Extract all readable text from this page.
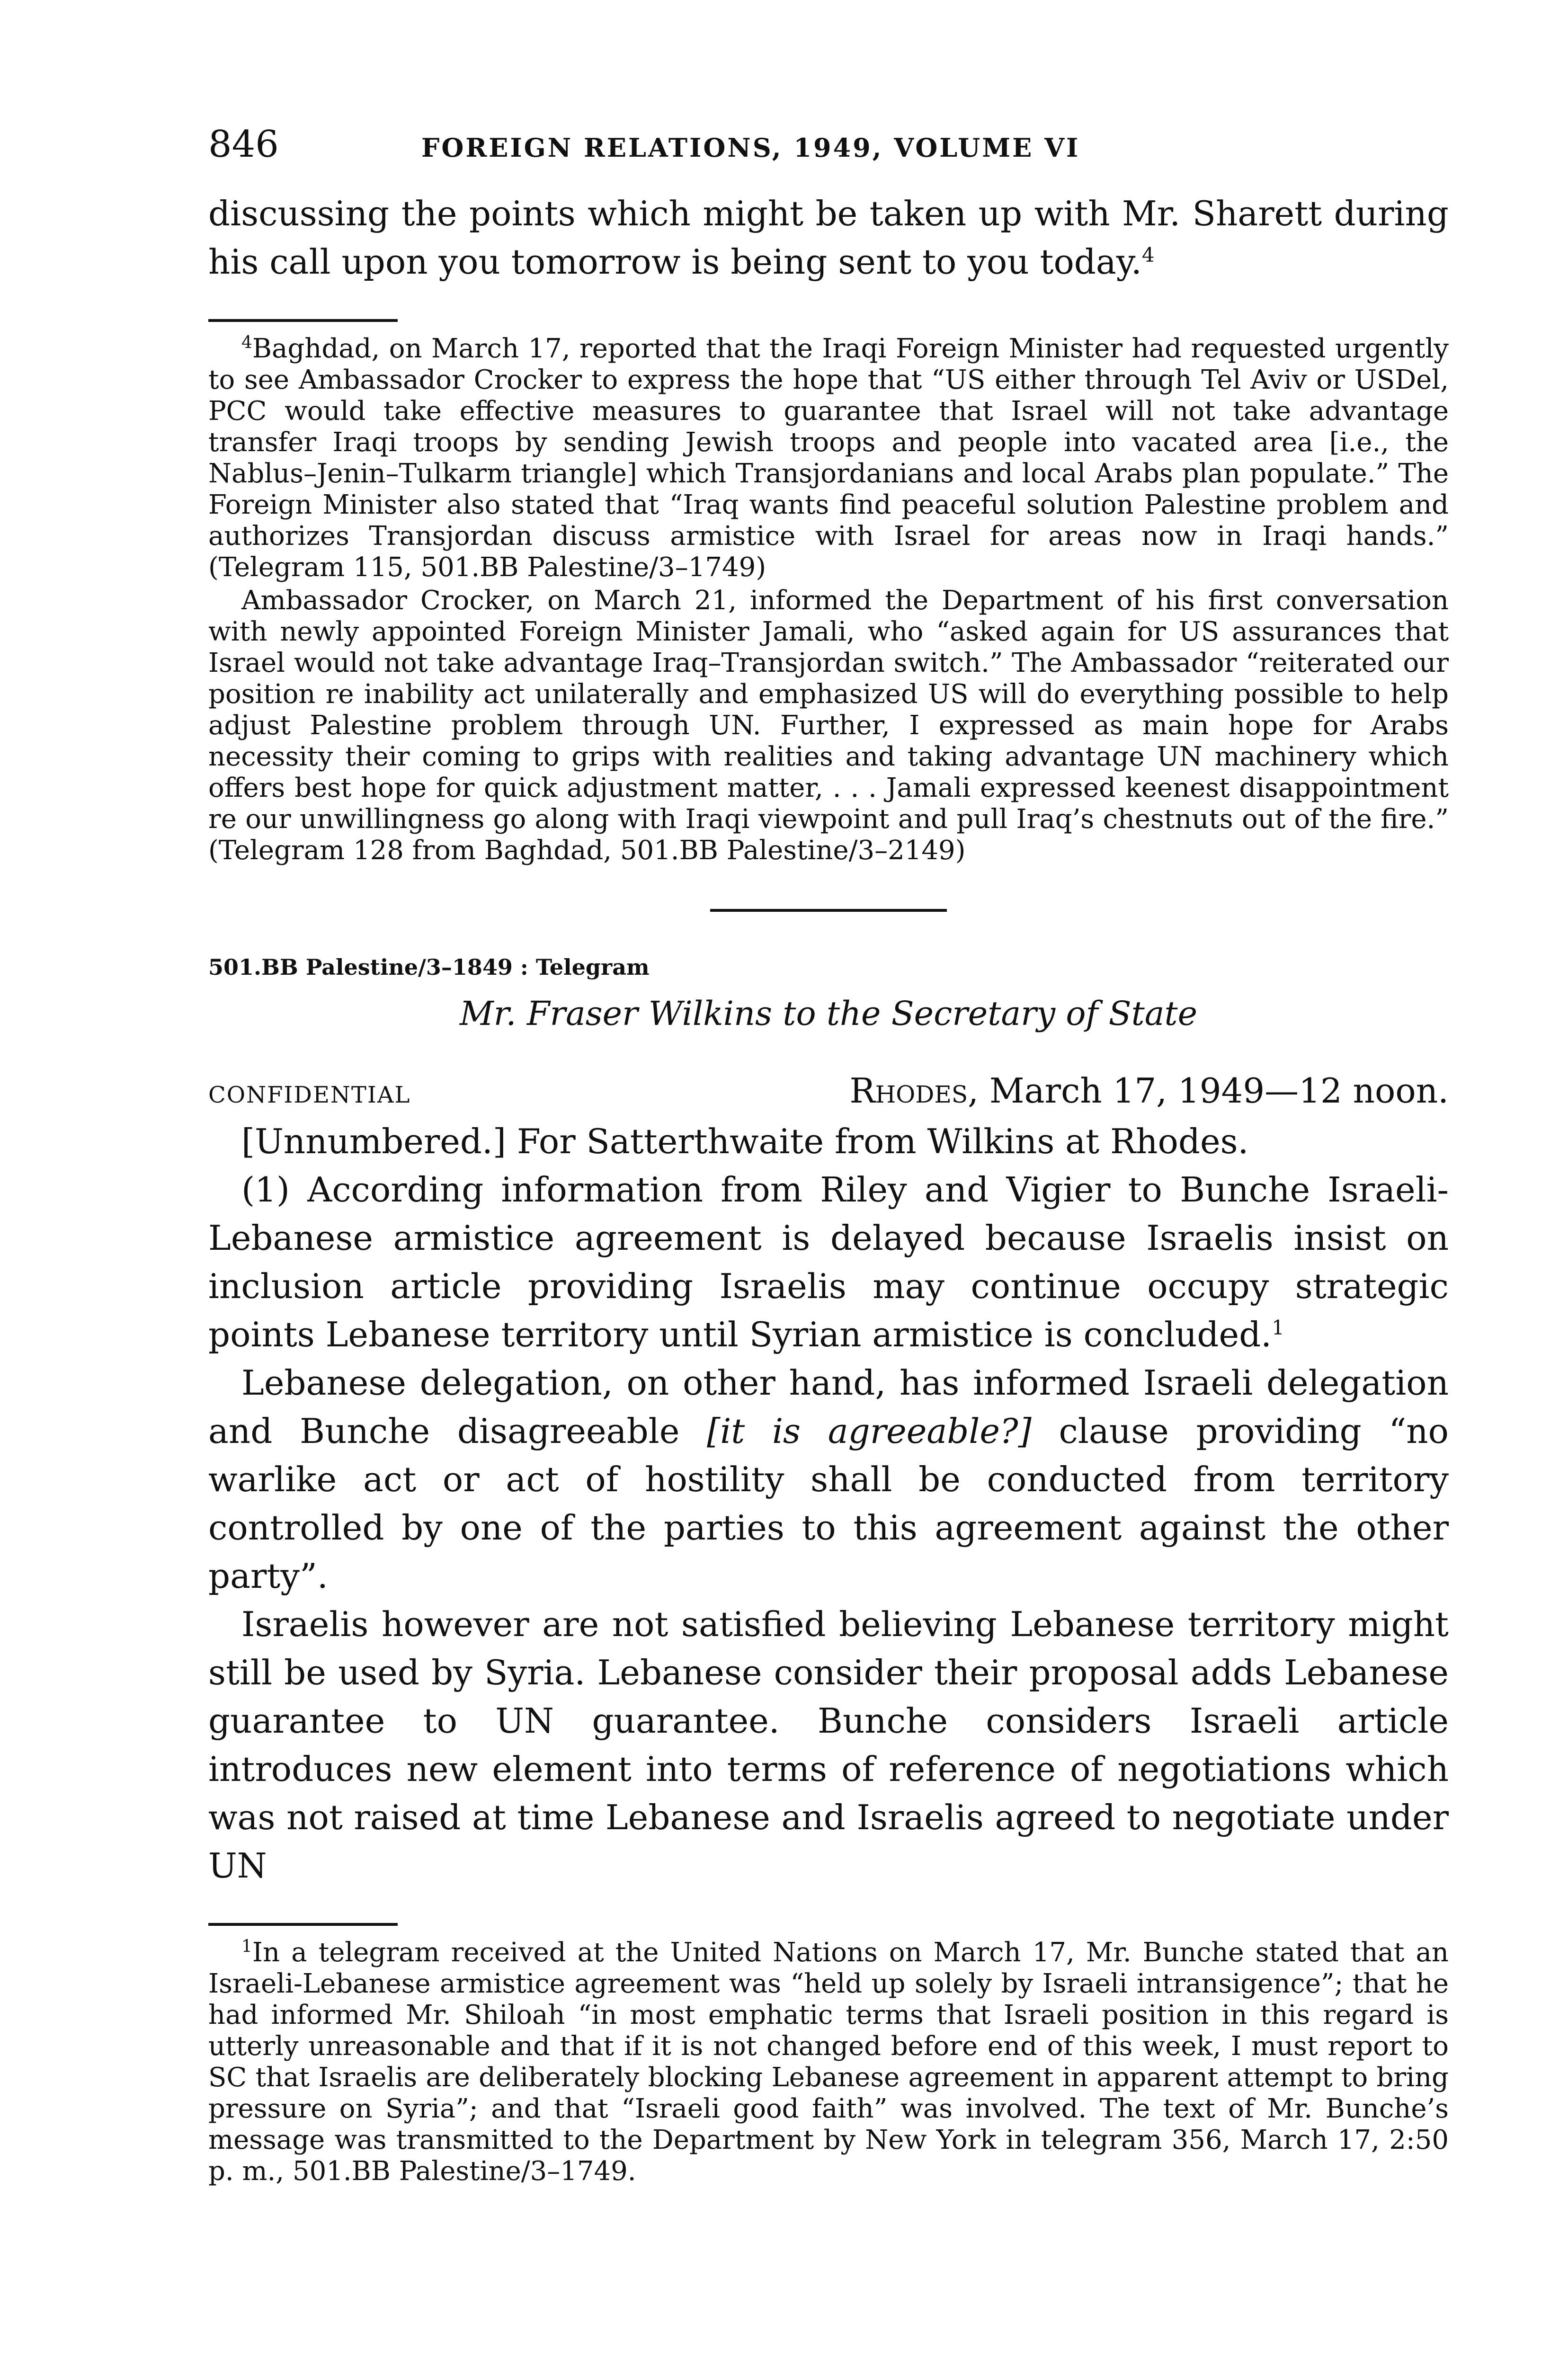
846	FOREIGN RELATIONS, 1949, VOLUME VI

discussing the points which might be taken up with Mr. Sharett during his call upon you tomorrow is being sent to you today.$^4$

$^4$Baghdad, on March 17, reported that the Iraqi Foreign Minister had requested urgently to see Ambassador Crocker to express the hope that “US either through Tel Aviv or USDel, PCC would take effective measures to guarantee that Israel will not take advantage transfer Iraqi troops by sending Jewish troops and people into vacated area [i.e., the Nablus–Jenin–Tulkarm triangle] which Transjordanians and local Arabs plan populate.” The Foreign Minister also stated that “Iraq wants find peaceful solution Palestine problem and authorizes Transjordan discuss armistice with Israel for areas now in Iraqi hands.” (Telegram 115, 501.BB Palestine/3–1749)

Ambassador Crocker, on March 21, informed the Department of his first conversation with newly appointed Foreign Minister Jamali, who “asked again for US assurances that Israel would not take advantage Iraq–Transjordan switch.” The Ambassador “reiterated our position re inability act unilaterally and emphasized US will do everything possible to help adjust Palestine problem through UN. Further, I expressed as main hope for Arabs necessity their coming to grips with realities and taking advantage UN machinery which offers best hope for quick adjustment matter, . . . Jamali expressed keenest disappointment re our unwillingness go along with Iraqi viewpoint and pull Iraq’s chestnuts out of the fire.” (Telegram 128 from Baghdad, 501.BB Palestine/3–2149)

501.BB Palestine/3–1849 : Telegram

Mr. Fraser Wilkins to the Secretary of State

CONFIDENTIAL	Rhodes, March 17, 1949—12 noon.

[Unnumbered.] For Satterthwaite from Wilkins at Rhodes.

(1) According information from Riley and Vigier to Bunche Israeli-Lebanese armistice agreement is delayed because Israelis insist on inclusion article providing Israelis may continue occupy strategic points Lebanese territory until Syrian armistice is concluded.$^1$

Lebanese delegation, on other hand, has informed Israeli delegation and Bunche disagreeable [it is agreeable?] clause providing “no warlike act or act of hostility shall be conducted from territory controlled by one of the parties to this agreement against the other party”.

Israelis however are not satisfied believing Lebanese territory might still be used by Syria. Lebanese consider their proposal adds Lebanese guarantee to UN guarantee. Bunche considers Israeli article introduces new element into terms of reference of negotiations which was not raised at time Lebanese and Israelis agreed to negotiate under UN

$^1$In a telegram received at the United Nations on March 17, Mr. Bunche stated that an Israeli-Lebanese armistice agreement was “held up solely by Israeli intransigence”; that he had informed Mr. Shiloah “in most emphatic terms that Israeli position in this regard is utterly unreasonable and that if it is not changed before end of this week, I must report to SC that Israelis are deliberately blocking Lebanese agreement in apparent attempt to bring pressure on Syria”; and that “Israeli good faith” was involved. The text of Mr. Bunche’s message was transmitted to the Department by New York in telegram 356, March 17, 2:50 p. m., 501.BB Palestine/3–1749.
